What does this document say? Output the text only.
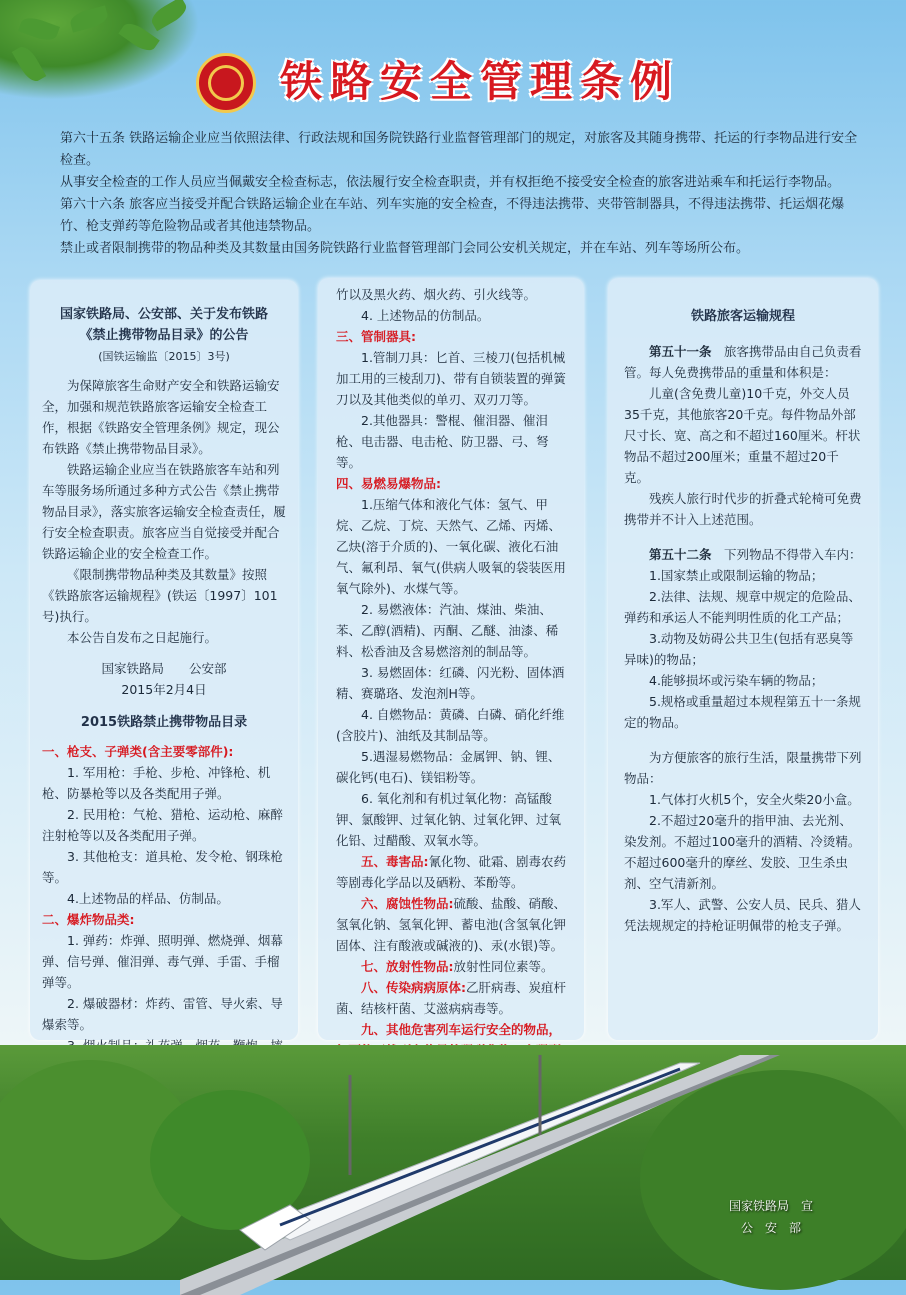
铁路安全管理条例

第六十五条 铁路运输企业应当依照法律、行政法规和国务院铁路行业监督管理部门的规定，对旅客及其随身携带、托运的行李物品进行安全检查。

从事安全检查的工作人员应当佩戴安全检查标志，依法履行安全检查职责，并有权拒绝不接受安全检查的旅客进站乘车和托运行李物品。

第六十六条 旅客应当接受并配合铁路运输企业在车站、列车实施的安全检查，不得违法携带、夹带管制器具，不得违法携带、托运烟花爆竹、枪支弹药等危险物品或者其他违禁物品。

禁止或者限制携带的物品种类及其数量由国务院铁路行业监督管理部门会同公安机关规定，并在车站、列车等场所公布。

国家铁路局、公安部、关于发布铁路

《禁止携带物品目录》的公告

(国铁运输监〔2015〕3号)

为保障旅客生命财产安全和铁路运输安全，加强和规范铁路旅客运输安全检查工作，根据《铁路安全管理条例》规定，现公布铁路《禁止携带物品目录》。

铁路运输企业应当在铁路旅客车站和列车等服务场所通过多种方式公告《禁止携带物品目录》，落实旅客运输安全检查责任，履行安全检查职责。旅客应当自觉接受并配合铁路运输企业的安全检查工作。

《限制携带物品种类及其数量》按照《铁路旅客运输规程》(铁运〔1997〕101号)执行。

本公告自发布之日起施行。

国家铁路局　　公安部

2015年2月4日

2015铁路禁止携带物品目录

一、枪支、子弹类(含主要零部件):

1. 军用枪：手枪、步枪、冲锋枪、机枪、防暴枪等以及各类配用子弹。

2. 民用枪：气枪、猎枪、运动枪、麻醉注射枪等以及各类配用子弹。

3. 其他枪支：道具枪、发令枪、钢珠枪等。

4.上述物品的样品、仿制品。

二、爆炸物品类:

1. 弹药：炸弹、照明弹、燃烧弹、烟幕弹、信号弹、催泪弹、毒气弹、手雷、手榴弹等。

2. 爆破器材：炸药、雷管、导火索、导爆索等。

竹以及黑火药、烟火药、引火线等。

4. 上述物品的仿制品。

三、管制器具:

1.管制刀具：匕首、三棱刀(包括机械加工用的三棱刮刀)、带有自锁装置的弹簧刀以及其他类似的单刃、双刃刀等。

2.其他器具：警棍、催泪器、催泪枪、电击器、电击枪、防卫器、弓、弩等。

四、易燃易爆物品:

1.压缩气体和液化气体：氢气、甲烷、乙烷、丁烷、天然气、乙烯、丙烯、乙炔(溶于介质的)、一氧化碳、液化石油气、氟利昂、氧气(供病人吸氧的袋装医用氧气除外)、水煤气等。

2. 易燃液体：汽油、煤油、柴油、苯、乙醇(酒精)、丙酮、乙醚、油漆、稀料、松香油及含易燃溶剂的制品等。

3. 易燃固体：红磷、闪光粉、固体酒精、赛璐珞、发泡剂H等。

4. 自燃物品：黄磷、白磷、硝化纤维(含胶片)、油纸及其制品等。

5.遇湿易燃物品：金属钾、钠、锂、碳化钙(电石)、镁铝粉等。

6. 氧化剂和有机过氧化物：高锰酸钾、氯酸钾、过氧化钠、过氧化钾、过氧化铅、过醋酸、双氧水等。

五、毒害品:氰化物、砒霜、剧毒农药等剧毒化学品以及硒粉、苯酚等。

六、腐蚀性物品:硫酸、盐酸、硝酸、氢氧化钠、氢氧化钾、蓄电池(含氢氧化钾固体、注有酸液或碱液的)、汞(水银)等。

七、放射性物品:放射性同位素等。

八、传染病病原体:乙肝病毒、炭疽杆菌、结核杆菌、艾滋病病毒等。

九、其他危害列车运行安全的物品，

铁路旅客运输规程

第五十一条　 旅客携带品由自己负责看管。每人免费携带品的重量和体积是：

儿童(含免费儿童)10千克，外交人员35千克，其他旅客20千克。每件物品外部尺寸长、宽、高之和不超过160厘米。杆状物品不超过200厘米；重量不超过20千克。

残疾人旅行时代步的折叠式轮椅可免费携带并不计入上述范围。

第五十二条　 下列物品不得带入车内：

1.国家禁止或限制运输的物品；

2.法律、法规、规章中规定的危险品、弹药和承运人不能判明性质的化工产品；

3.动物及妨碍公共卫生(包括有恶臭等异味)的物品；

4.能够损坏或污染车辆的物品；

5.规格或重量超过本规程第五十一条规定的物品。

为方便旅客的旅行生活，限量携带下列物品：

1.气体打火机5个，安全火柴20小盒。

2.不超过20毫升的指甲油、去光剂、染发剂。不超过100毫升的酒精、冷烫精。不超过600毫升的摩丝、发胶、卫生杀虫剂、空气清新剂。

3.军人、武警、公安人员、民兵、猎人凭法规规定的持枪证明佩带的枪支子弹。

国家铁路局　宣
公　安　部
